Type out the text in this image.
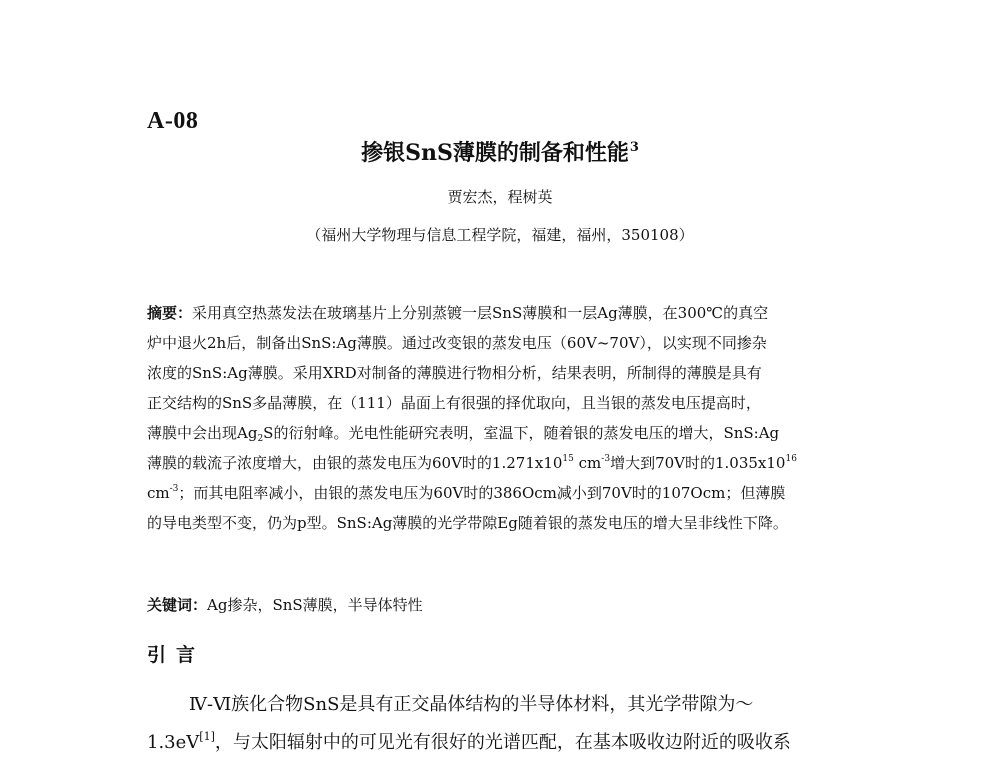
A-08
掺银SnS薄膜的制备和性能$^3$
贾宏杰，程树英
（福州大学物理与信息工程学院，福建，福州，350108）
摘要：采用真空热蒸发法在玻璃基片上分别蒸镀一层SnS薄膜和一层Ag薄膜，在300℃的真空
炉中退火2h后，制备出SnS:Ag薄膜。通过改变银的蒸发电压（60V~70V），以实现不同掺杂
浓度的SnS:Ag薄膜。采用XRD对制备的薄膜进行物相分析，结果表明，所制得的薄膜是具有
正交结构的SnS多晶薄膜，在（111）晶面上有很强的择优取向，且当银的蒸发电压提高时，
薄膜中会出现$Ag_2S$的衍射峰。光电性能研究表明，室温下，随着银的蒸发电压的增大，SnS:Ag
薄膜的载流子浓度增大，由银的蒸发电压为60V时的$1.271x10^{15}$ $cm^{-3}$增大到70V时的$1.035x10^{16}$
$cm^{-3}$；而其电阻率减小，由银的蒸发电压为60V时的386Ocm减小到70V时的107Ocm；但薄膜
的导电类型不变，仍为p型。SnS:Ag薄膜的光学带隙Eg随着银的蒸发电压的增大呈非线性下降。
关键词：Ag掺杂，SnS薄膜，半导体特性
引言
Ⅳ-Ⅵ族化合物SnS是具有正交晶体结构的半导体材料，其光学带隙为～
1.3eV[1]，与太阳辐射中的可见光有很好的光谱匹配，在基本吸收边附近的吸收系
